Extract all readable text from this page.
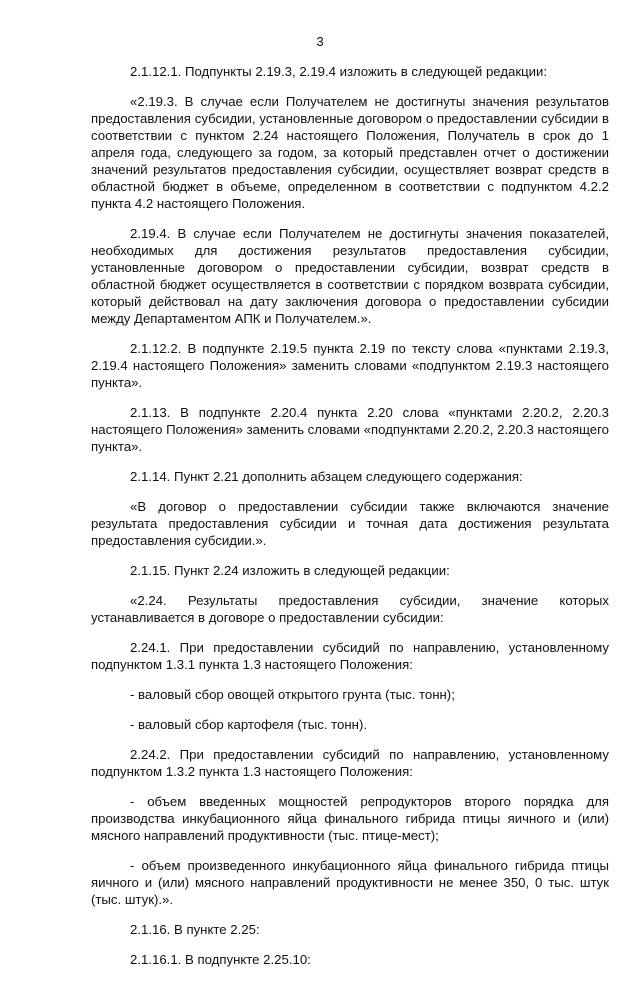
3

2.1.12.1. Подпункты 2.19.3, 2.19.4 изложить в следующей редакции:

«2.19.3. В случае если Получателем не достигнуты значения результатов предоставления субсидии, установленные договором о предоставлении субсидии в соответствии с пунктом 2.24 настоящего Положения, Получатель в срок до 1 апреля года, следующего за годом, за который представлен отчет о достижении значений результатов предоставления субсидии, осуществляет возврат средств в областной бюджет в объеме, определенном в соответствии с подпунктом 4.2.2 пункта 4.2 настоящего Положения.

2.19.4. В случае если Получателем не достигнуты значения показателей, необходимых для достижения результатов предоставления субсидии, установленные договором о предоставлении субсидии, возврат средств в областной бюджет осуществляется в соответствии с порядком возврата субсидии, который действовал на дату заключения договора о предоставлении субсидии между Департаментом АПК и Получателем.».

2.1.12.2. В подпункте 2.19.5 пункта 2.19 по тексту слова «пунктами 2.19.3, 2.19.4 настоящего Положения» заменить словами «подпунктом 2.19.3 настоящего пункта».

2.1.13. В подпункте 2.20.4 пункта 2.20 слова «пунктами 2.20.2, 2.20.3 настоящего Положения» заменить словами «подпунктами 2.20.2, 2.20.3 настоящего пункта».

2.1.14. Пункт 2.21 дополнить абзацем следующего содержания:

«В договор о предоставлении субсидии также включаются значение результата предоставления субсидии и точная дата достижения результата предоставления субсидии.».

2.1.15. Пункт 2.24 изложить в следующей редакции:

«2.24. Результаты предоставления субсидии, значение которых устанавливается в договоре о предоставлении субсидии:

2.24.1. При предоставлении субсидий по направлению, установленному подпунктом 1.3.1 пункта 1.3 настоящего Положения:

- валовый сбор овощей открытого грунта (тыс. тонн);

- валовый сбор картофеля (тыс. тонн).

2.24.2. При предоставлении субсидий по направлению, установленному подпунктом 1.3.2 пункта 1.3 настоящего Положения:

- объем введенных мощностей репродукторов второго порядка для производства инкубационного яйца финального гибрида птицы яичного и (или) мясного направлений продуктивности (тыс. птице-мест);

- объем произведенного инкубационного яйца финального гибрида птицы яичного и (или) мясного направлений продуктивности не менее 350, 0 тыс. штук (тыс. штук).».

2.1.16. В пункте 2.25:

2.1.16.1. В подпункте 2.25.10:
